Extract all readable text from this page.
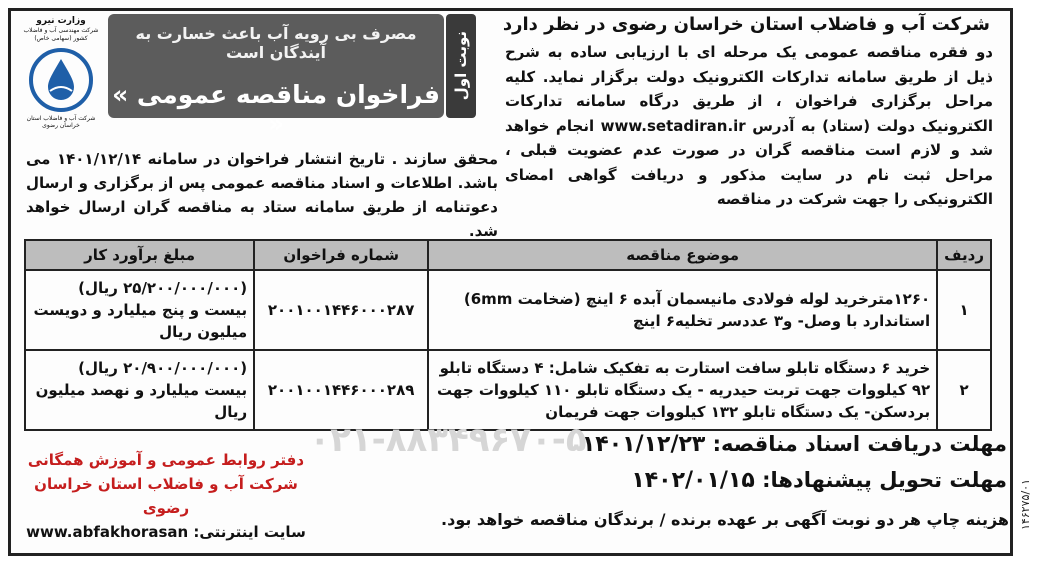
۱۴۶۲۷۵/۰۱
وزارت نیرو
شرکت مهندسی آب و فاضلاب کشور (سهامی خاص)
شرکت آب و فاضلاب استان خراسان رضوی
مصرف بی رویه آب باعث خسارت به آیندگان است
« فراخوان مناقصه عمومی »
نوبت اول
شرکت آب و فاضلاب استان خراسان رضوی در نظر دارد
دو فقره مناقصه عمومی یک مرحله ای با ارزیابی ساده به شرح ذیل از طریق سامانه تدارکات الکترونیک دولت برگزار نماید. کلیه مراحل برگزاری فراخوان ، از طریق درگاه سامانه تدارکات الکترونیک دولت (ستاد) به آدرس www.setadiran.ir انجام خواهد شد و لازم است مناقصه گران در صورت عدم عضویت قبلی ، مراحل ثبت نام در سایت مذکور و دریافت گواهی امضای الکترونیکی را جهت شرکت در مناقصه
محقق سازند . تاریخ انتشار فراخوان در سامانه ۱۴۰۱/۱۲/۱۴ می باشد. اطلاعات و اسناد مناقصه عمومی پس از برگزاری و ارسال دعوتنامه از طریق سامانه ستاد به مناقصه گران ارسال خواهد شد.
ردیف	موضوع مناقصه	شماره فراخوان	مبلغ برآورد کار
۱	۱۲۶۰مترخرید لوله فولادی مانیسمان آبده ۶ اینچ (ضخامت 6mm) استاندارد با وصل- و۳ عددسر تخلیه۶ اینچ	۲۰۰۱۰۰۱۴۴۶۰۰۰۲۸۷	(۲۵/۲۰۰/۰۰۰/۰۰۰ ریال) بیست و پنج میلیارد و دویست میلیون ریال
۲	خرید ۶ دستگاه تابلو سافت استارت به تفکیک شامل: ۴ دستگاه تابلو ۹۲ کیلووات جهت تربت حیدریه - یک دستگاه تابلو ۱۱۰ کیلووات جهت بردسکن- یک دستگاه تابلو ۱۳۲ کیلووات جهت فریمان	۲۰۰۱۰۰۱۴۴۶۰۰۰۲۸۹	(۲۰/۹۰۰/۰۰۰/۰۰۰ ریال) بیست میلیارد و نهصد میلیون ریال
۰۲۱-۸۸۳۴۹۶۷۰-۵	مهلت دریافت اسناد مناقصه: ۱۴۰۱/۱۲/۲۳
مهلت تحویل پیشنهادها: ۱۴۰۲/۰۱/۱۵
هزینه چاپ هر دو نوبت آگهی بر عهده برنده / برندگان مناقصه خواهد بود.
دفتر روابط عمومی و آموزش همگانی
شرکت آب و فاضلاب استان خراسان رضوی
سایت اینترنتی: www.abfakhorasan
